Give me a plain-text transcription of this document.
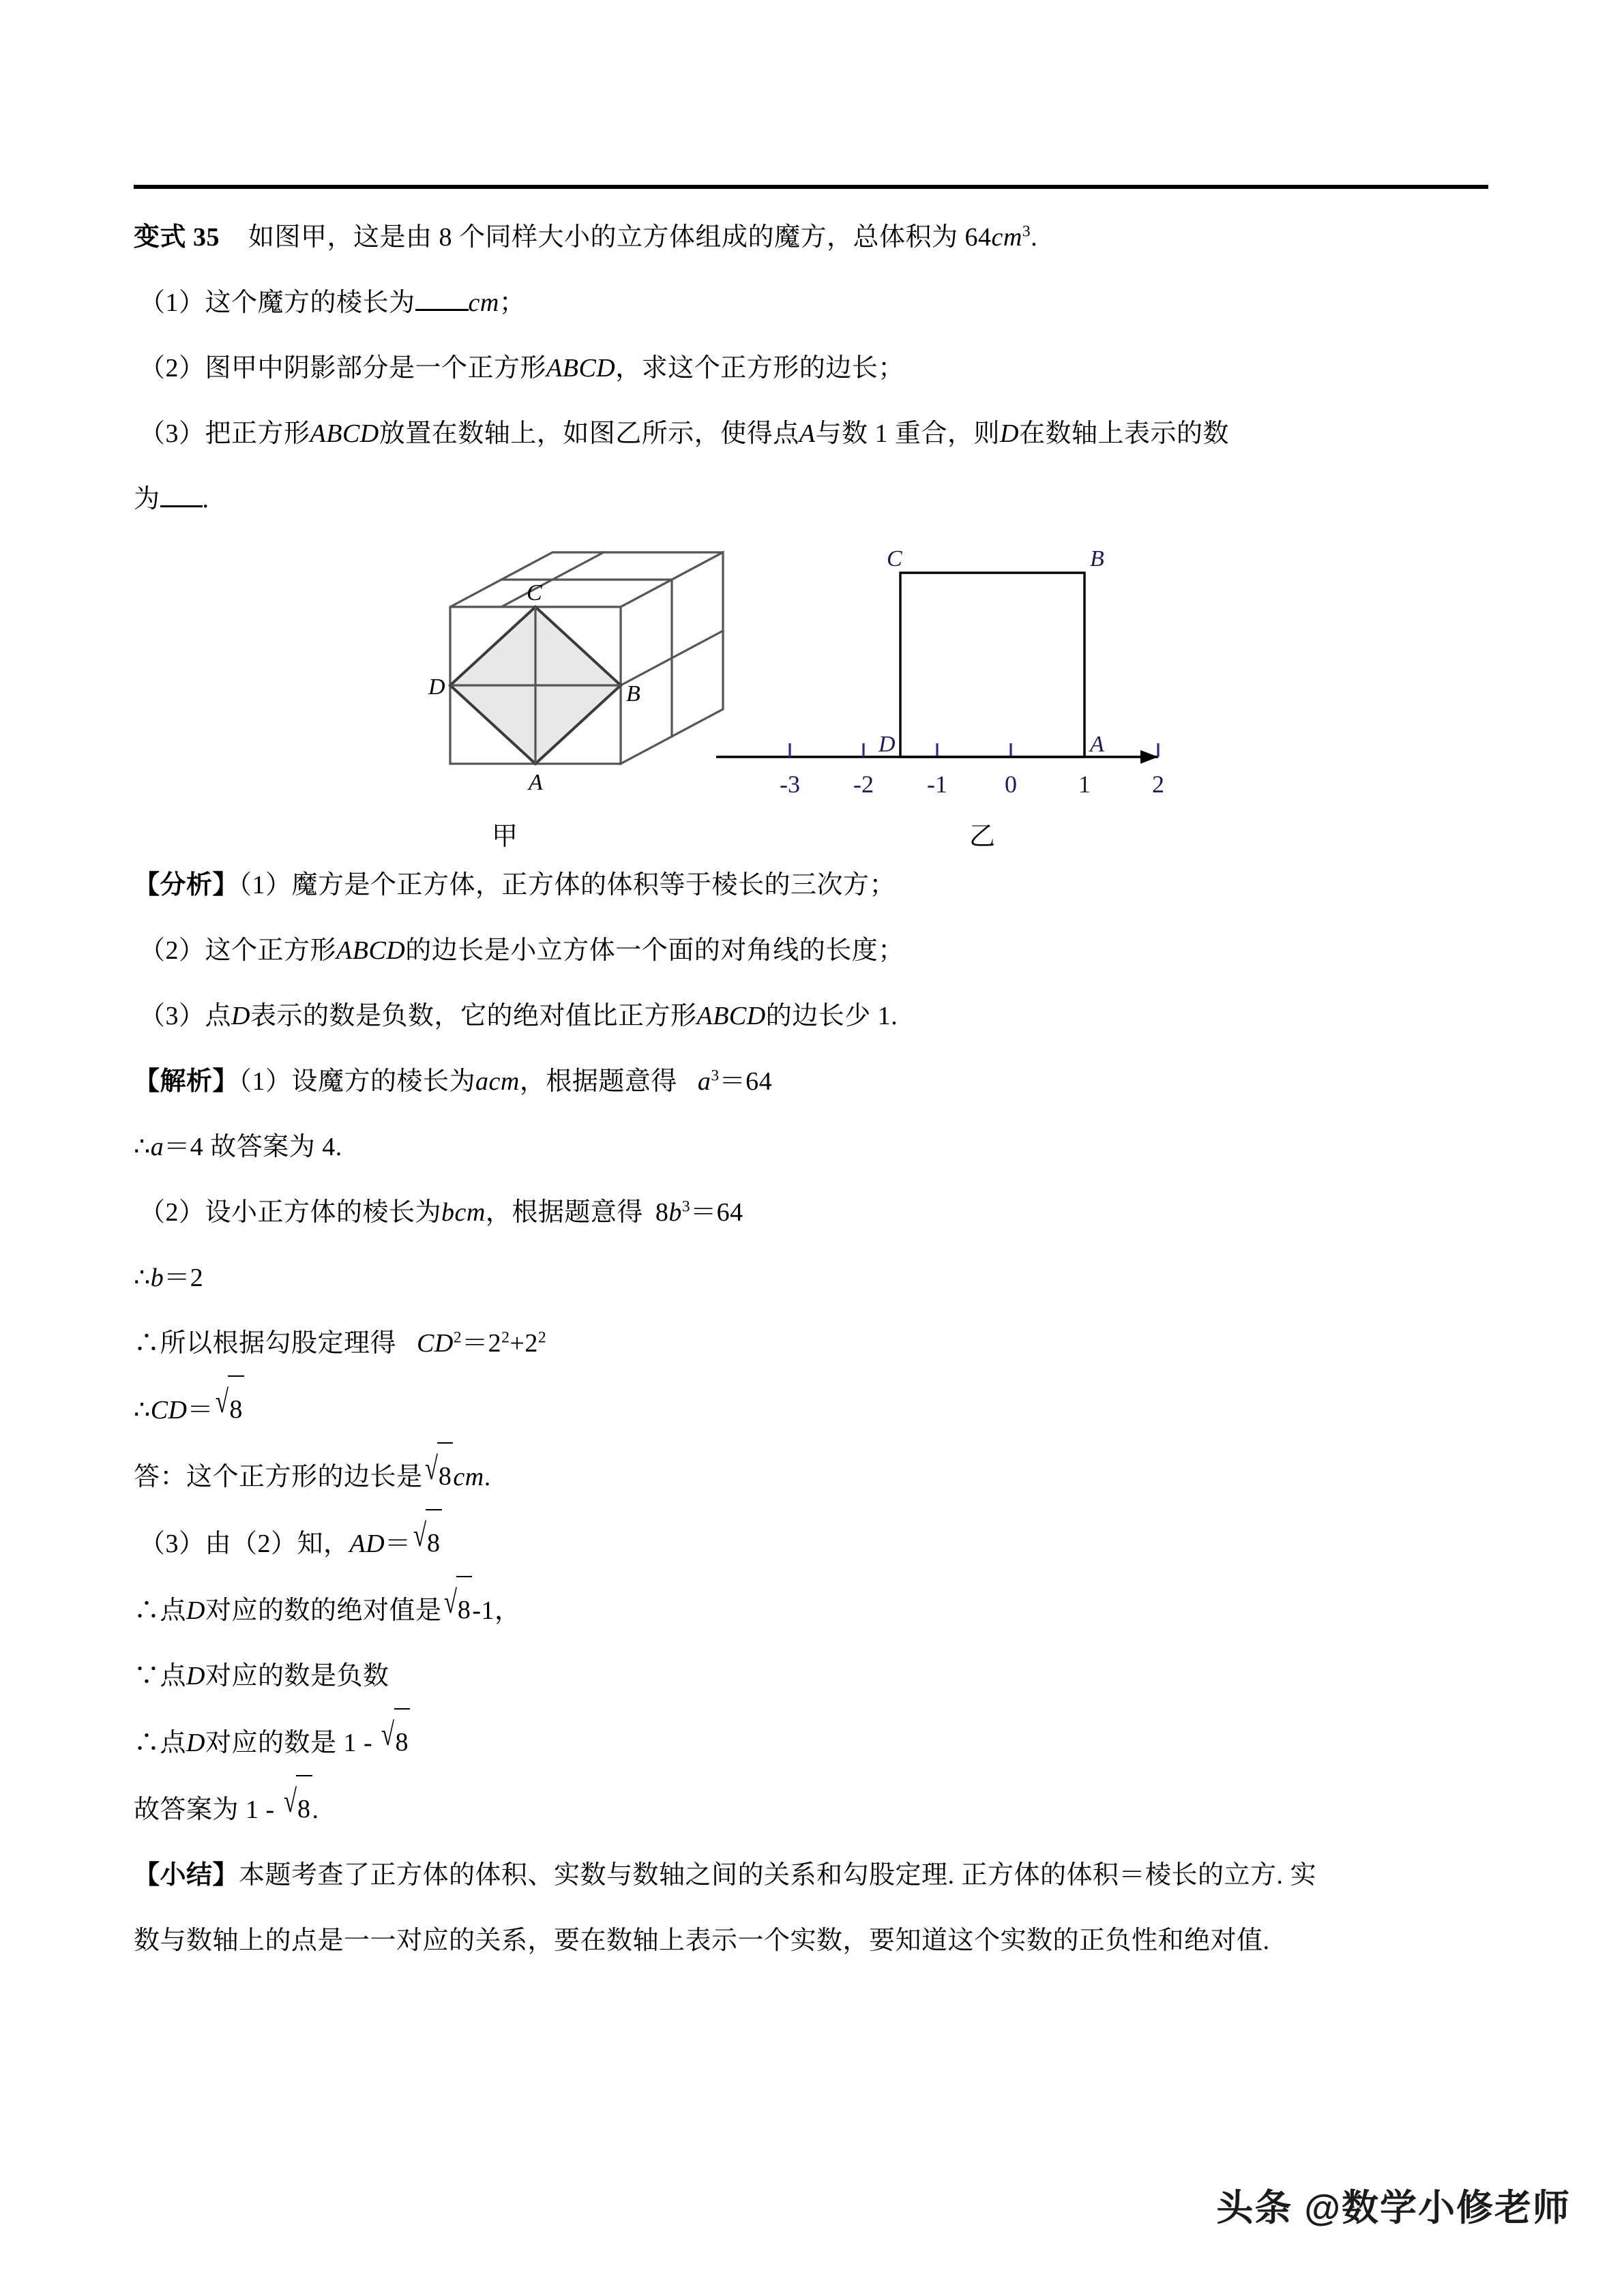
变式 35 如图甲，这是由 8 个同样大小的立方体组成的魔方，总体积为 $64cm^3$.
（1）这个魔方的棱长为 cm；
（2）图甲中阴影部分是一个正方形ABCD，求这个正方形的边长；
（3）把正方形ABCD放置在数轴上，如图乙所示，使得点A与数 1 重合，则D在数轴上表示的数
为 .
【分析】（1）魔方是个正方体，正方体的体积等于棱长的三次方；
（2）这个正方形ABCD的边长是小立方体一个面的对角线的长度；
（3）点D表示的数是负数，它的绝对值比正方形ABCD的边长少 1.
【解析】（1）设魔方的棱长为acm，根据题意得 $a^3=64$
∴a＝4 故答案为 4.
（2）设小正方体的棱长为bcm，根据题意得 $8b^3=64$
∴b＝2
∴所以根据勾股定理得 $CD^2=2^2+2^2$
∴CD＝√8
答：这个正方形的边长是√8cm.
（3）由（2）知，AD＝√8
∴点D对应的数的绝对值是√8-1，
∵点D对应的数是负数
∴点D对应的数是 1 - √8
故答案为 1 - √8.
【小结】本题考查了正方体的体积、实数与数轴之间的关系和勾股定理. 正方体的体积＝棱长的立方. 实
数与数轴上的点是一一对应的关系，要在数轴上表示一个实数，要知道这个实数的正负性和绝对值.
C
B
D
A	-3 -2 -1 0	1	2
D	A
C	B
甲	乙
头条 @数学小修老师
